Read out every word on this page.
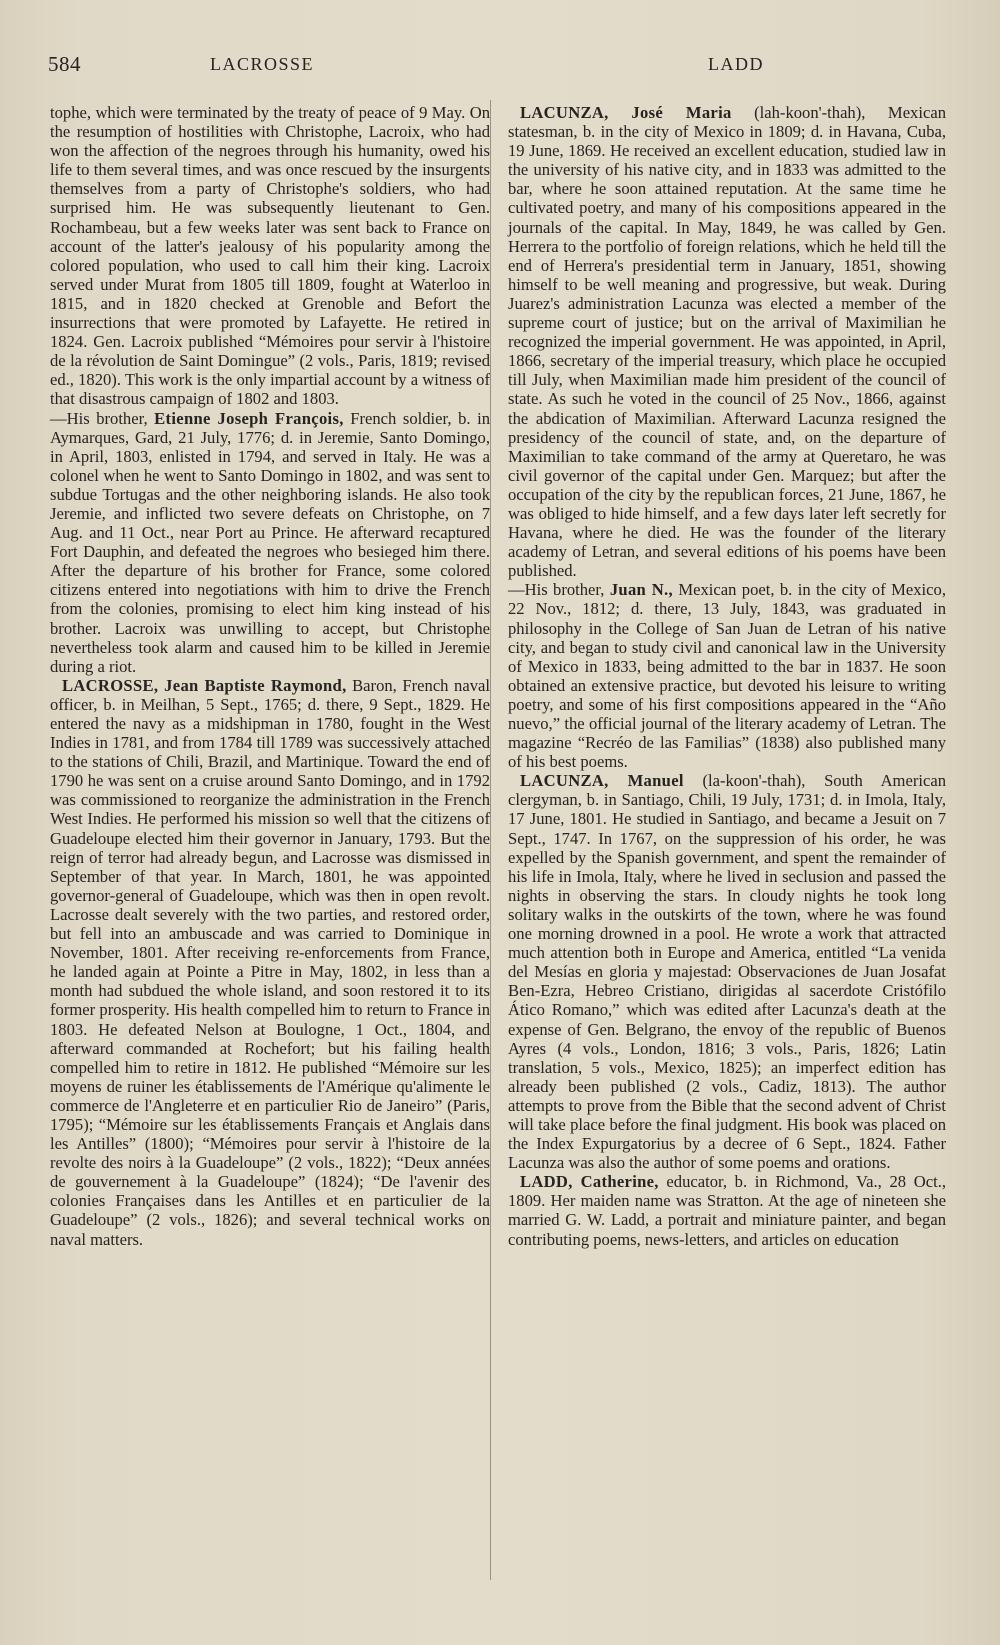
584	LACROSSE	LADD

tophe, which were terminated by the treaty of peace of 9 May. On the resumption of hostilities with Christophe, Lacroix, who had won the affection of the negroes through his humanity, owed his life to them several times, and was once rescued by the insurgents themselves from a party of Christophe's soldiers, who had surprised him. He was subsequently lieutenant to Gen. Rochambeau, but a few weeks later was sent back to France on account of the latter's jealousy of his popularity among the colored population, who used to call him their king. Lacroix served under Murat from 1805 till 1809, fought at Waterloo in 1815, and in 1820 checked at Grenoble and Befort the insurrections that were promoted by Lafayette. He retired in 1824. Gen. Lacroix published “Mémoires pour servir à l'histoire de la révolution de Saint Domingue” (2 vols., Paris, 1819; revised ed., 1820). This work is the only impartial account by a witness of that disastrous campaign of 1802 and 1803.

—His brother, Etienne Joseph François, French soldier, b. in Aymarques, Gard, 21 July, 1776; d. in Jeremie, Santo Domingo, in April, 1803, enlisted in 1794, and served in Italy. He was a colonel when he went to Santo Domingo in 1802, and was sent to subdue Tortugas and the other neighboring islands. He also took Jeremie, and inflicted two severe defeats on Christophe, on 7 Aug. and 11 Oct., near Port au Prince. He afterward recaptured Fort Dauphin, and defeated the negroes who besieged him there. After the departure of his brother for France, some colored citizens entered into negotiations with him to drive the French from the colonies, promising to elect him king instead of his brother. Lacroix was unwilling to accept, but Christophe nevertheless took alarm and caused him to be killed in Jeremie during a riot.

LACROSSE, Jean Baptiste Raymond, Baron, French naval officer, b. in Meilhan, 5 Sept., 1765; d. there, 9 Sept., 1829. He entered the navy as a midshipman in 1780, fought in the West Indies in 1781, and from 1784 till 1789 was successively attached to the stations of Chili, Brazil, and Martinique. Toward the end of 1790 he was sent on a cruise around Santo Domingo, and in 1792 was commissioned to reorganize the administration in the French West Indies. He performed his mission so well that the citizens of Guadeloupe elected him their governor in January, 1793. But the reign of terror had already begun, and Lacrosse was dismissed in September of that year. In March, 1801, he was appointed governor-general of Guadeloupe, which was then in open revolt. Lacrosse dealt severely with the two parties, and restored order, but fell into an ambuscade and was carried to Dominique in November, 1801. After receiving re-enforcements from France, he landed again at Pointe a Pitre in May, 1802, in less than a month had subdued the whole island, and soon restored it to its former prosperity. His health compelled him to return to France in 1803. He defeated Nelson at Boulogne, 1 Oct., 1804, and afterward commanded at Rochefort; but his failing health compelled him to retire in 1812. He published “Mémoire sur les moyens de ruiner les établissements de l'Amérique qu'alimente le commerce de l'Angleterre et en particulier Rio de Janeiro” (Paris, 1795); “Mémoire sur les établissements Français et Anglais dans les Antilles” (1800); “Mémoires pour servir à l'histoire de la revolte des noirs à la Guadeloupe” (2 vols., 1822); “Deux années de gouvernement à la Guadeloupe” (1824); “De l'avenir des colonies Françaises dans les Antilles et en particulier de la Guadeloupe” (2 vols., 1826); and several technical works on naval matters.

LACUNZA, José Maria (lah-koon'-thah), Mexican statesman, b. in the city of Mexico in 1809; d. in Havana, Cuba, 19 June, 1869. He received an excellent education, studied law in the university of his native city, and in 1833 was admitted to the bar, where he soon attained reputation. At the same time he cultivated poetry, and many of his compositions appeared in the journals of the capital. In May, 1849, he was called by Gen. Herrera to the portfolio of foreign relations, which he held till the end of Herrera's presidential term in January, 1851, showing himself to be well meaning and progressive, but weak. During Juarez's administration Lacunza was elected a member of the supreme court of justice; but on the arrival of Maximilian he recognized the imperial government. He was appointed, in April, 1866, secretary of the imperial treasury, which place he occupied till July, when Maximilian made him president of the council of state. As such he voted in the council of 25 Nov., 1866, against the abdication of Maximilian. Afterward Lacunza resigned the presidency of the council of state, and, on the departure of Maximilian to take command of the army at Queretaro, he was civil governor of the capital under Gen. Marquez; but after the occupation of the city by the republican forces, 21 June, 1867, he was obliged to hide himself, and a few days later left secretly for Havana, where he died. He was the founder of the literary academy of Letran, and several editions of his poems have been published.

—His brother, Juan N., Mexican poet, b. in the city of Mexico, 22 Nov., 1812; d. there, 13 July, 1843, was graduated in philosophy in the College of San Juan de Letran of his native city, and began to study civil and canonical law in the University of Mexico in 1833, being admitted to the bar in 1837. He soon obtained an extensive practice, but devoted his leisure to writing poetry, and some of his first compositions appeared in the “Año nuevo,” the official journal of the literary academy of Letran. The magazine “Recréo de las Familias” (1838) also published many of his best poems.

LACUNZA, Manuel (la-koon'-thah), South American clergyman, b. in Santiago, Chili, 19 July, 1731; d. in Imola, Italy, 17 June, 1801. He studied in Santiago, and became a Jesuit on 7 Sept., 1747. In 1767, on the suppression of his order, he was expelled by the Spanish government, and spent the remainder of his life in Imola, Italy, where he lived in seclusion and passed the nights in observing the stars. In cloudy nights he took long solitary walks in the outskirts of the town, where he was found one morning drowned in a pool. He wrote a work that attracted much attention both in Europe and America, entitled “La venida del Mesías en gloria y majestad: Observaciones de Juan Josafat Ben-Ezra, Hebreo Cristiano, dirigidas al sacerdote Cristófilo Ático Romano,” which was edited after Lacunza's death at the expense of Gen. Belgrano, the envoy of the republic of Buenos Ayres (4 vols., London, 1816; 3 vols., Paris, 1826; Latin translation, 5 vols., Mexico, 1825); an imperfect edition has already been published (2 vols., Cadiz, 1813). The author attempts to prove from the Bible that the second advent of Christ will take place before the final judgment. His book was placed on the Index Expurgatorius by a decree of 6 Sept., 1824. Father Lacunza was also the author of some poems and orations.

LADD, Catherine, educator, b. in Richmond, Va., 28 Oct., 1809. Her maiden name was Stratton. At the age of nineteen she married G. W. Ladd, a portrait and miniature painter, and began contributing poems, news-letters, and articles on education
